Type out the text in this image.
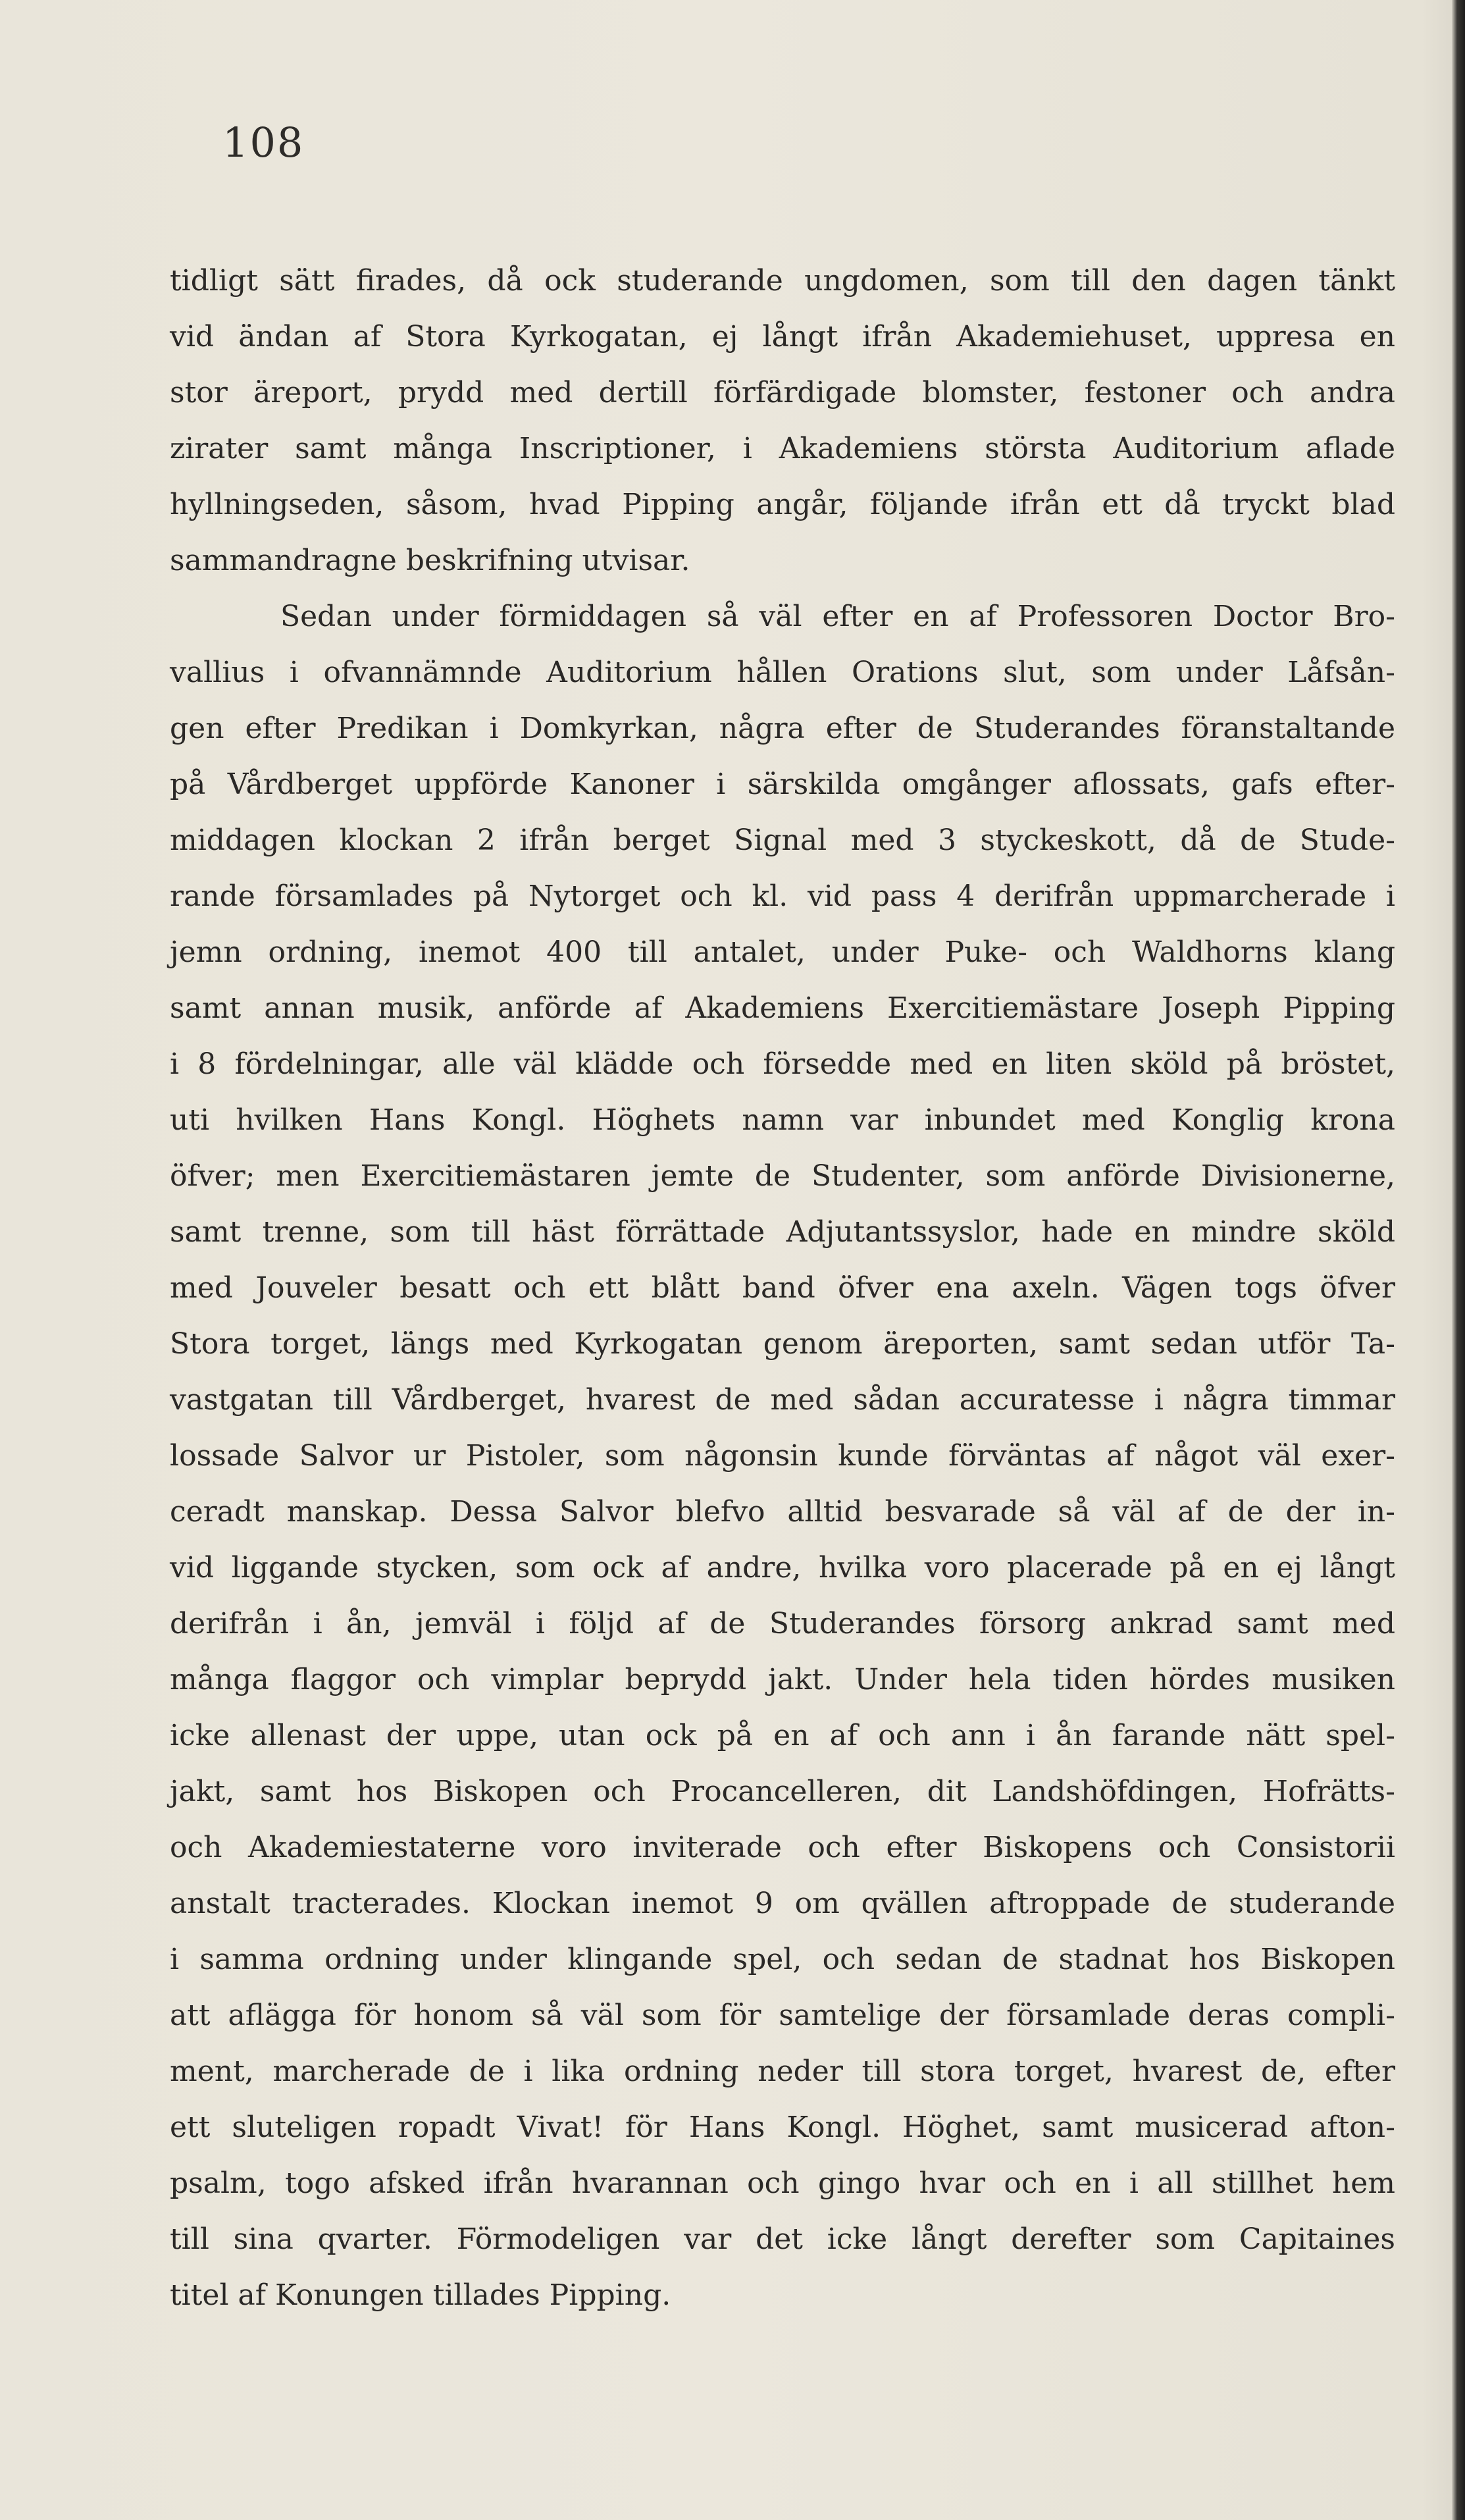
108
tidligt sätt firades, då ock studerande ungdomen, som till den dagen tänkt
vid ändan af Stora Kyrkogatan, ej långt ifrån Akademiehuset, uppresa en
stor äreport, prydd med dertill förfärdigade blomster, festoner och andra
zirater samt många Inscriptioner, i Akademiens största Auditorium aflade
hyllningseden, såsom, hvad Pipping angår, följande ifrån ett då tryckt blad
sammandragne beskrifning utvisar.
Sedan under förmiddagen så väl efter en af Professoren Doctor Bro-
vallius i ofvannämnde Auditorium hållen Orations slut, som under Låfsån-
gen efter Predikan i Domkyrkan, några efter de Studerandes föranstaltande
på Vårdberget uppförde Kanoner i särskilda omgånger aflossats, gafs efter-
middagen klockan 2 ifrån berget Signal med 3 styckeskott, då de Stude-
rande församlades på Nytorget och kl. vid pass 4 derifrån uppmarcherade i
jemn ordning, inemot 400 till antalet, under Puke- och Waldhorns klang
samt annan musik, anförde af Akademiens Exercitiemästare Joseph Pipping
i 8 fördelningar, alle väl klädde och försedde med en liten sköld på bröstet,
uti hvilken Hans Kongl. Höghets namn var inbundet med Konglig krona
öfver; men Exercitiemästaren jemte de Studenter, som anförde Divisionerne,
samt trenne, som till häst förrättade Adjutantssyslor, hade en mindre sköld
med Jouveler besatt och ett blått band öfver ena axeln. Vägen togs öfver
Stora torget, längs med Kyrkogatan genom äreporten, samt sedan utför Ta-
vastgatan till Vårdberget, hvarest de med sådan accuratesse i några timmar
lossade Salvor ur Pistoler, som någonsin kunde förväntas af något väl exer-
ceradt manskap. Dessa Salvor blefvo alltid besvarade så väl af de der in-
vid liggande stycken, som ock af andre, hvilka voro placerade på en ej långt
derifrån i ån, jemväl i följd af de Studerandes försorg ankrad samt med
många flaggor och vimplar beprydd jakt. Under hela tiden hördes musiken
icke allenast der uppe, utan ock på en af och ann i ån farande nätt spel-
jakt, samt hos Biskopen och Procancelleren, dit Landshöfdingen, Hofrätts-
och Akademiestaterne voro inviterade och efter Biskopens och Consistorii
anstalt tracterades. Klockan inemot 9 om qvällen aftroppade de studerande
i samma ordning under klingande spel, och sedan de stadnat hos Biskopen
att aflägga för honom så väl som för samtelige der församlade deras compli-
ment, marcherade de i lika ordning neder till stora torget, hvarest de, efter
ett sluteligen ropadt Vivat! för Hans Kongl. Höghet, samt musicerad afton-
psalm, togo afsked ifrån hvarannan och gingo hvar och en i all stillhet hem
till sina qvarter. Förmodeligen var det icke långt derefter som Capitaines
titel af Konungen tillades Pipping.
